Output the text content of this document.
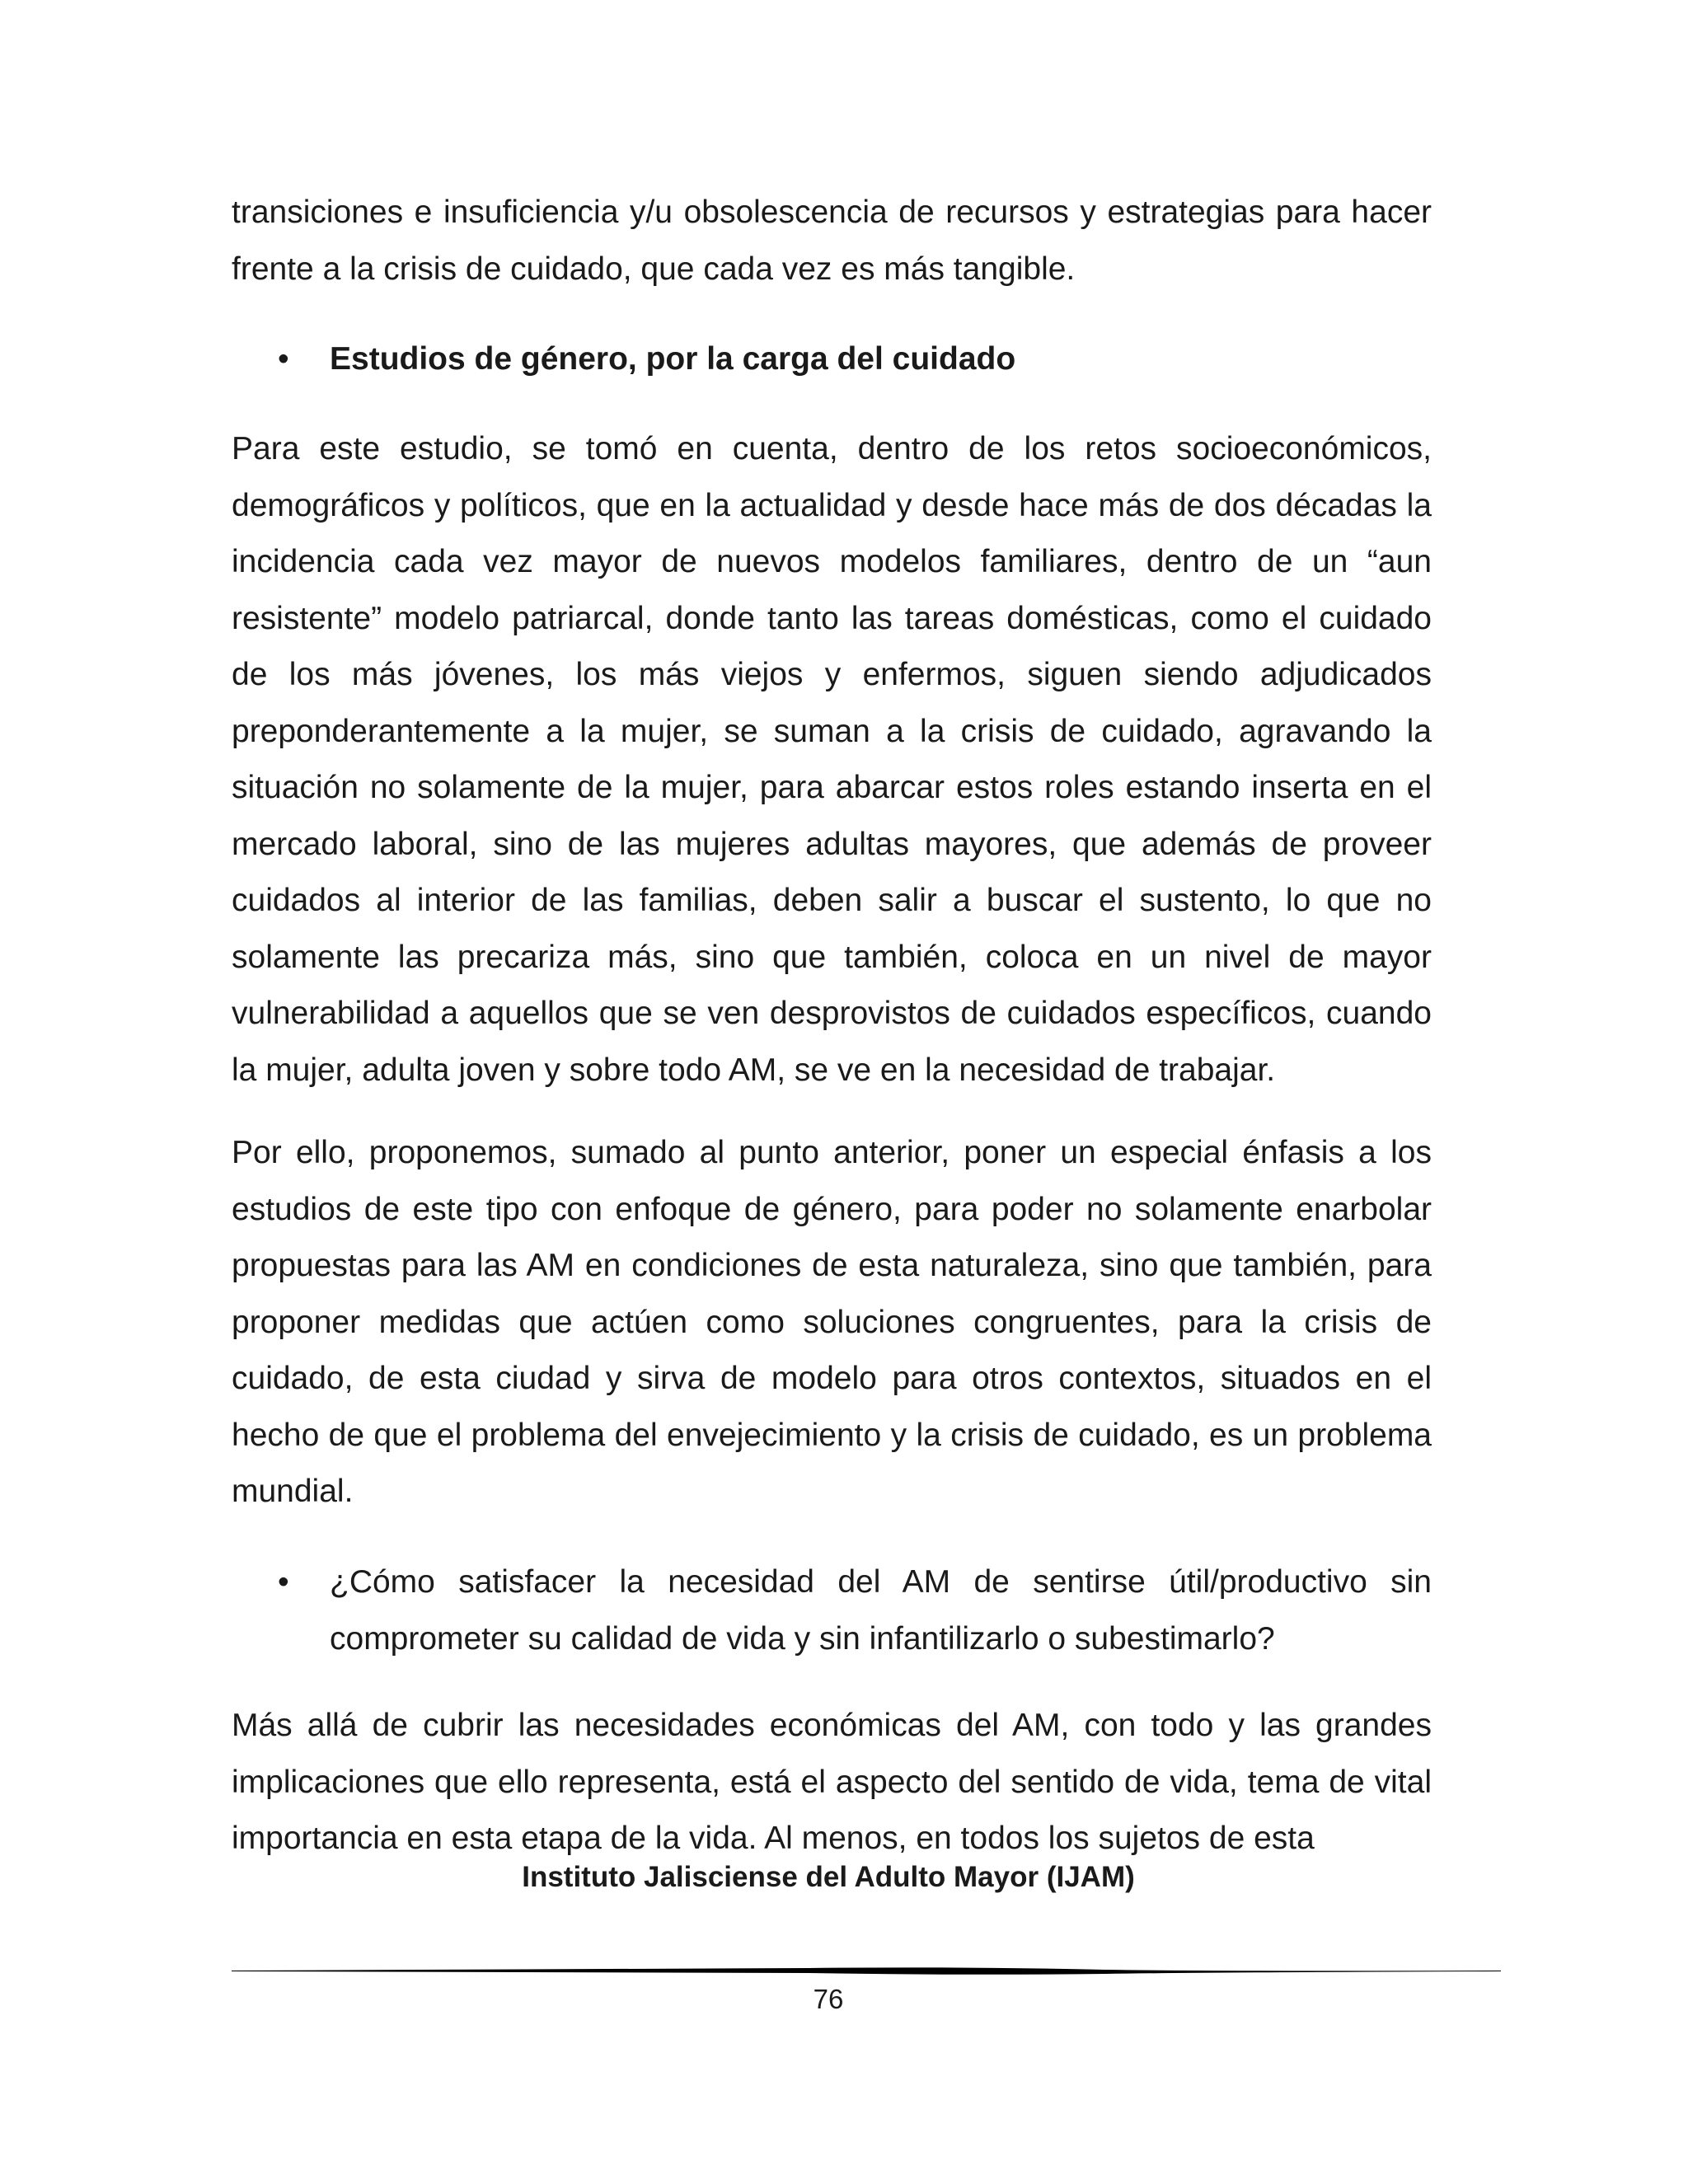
transiciones e insuficiencia y/u obsolescencia de recursos y estrategias para hacer frente a la crisis de cuidado, que cada vez es más tangible.

• Estudios de género, por la carga del cuidado

Para este estudio, se tomó en cuenta, dentro de los retos socioeconómicos, demográficos y políticos, que en la actualidad y desde hace más de dos décadas la incidencia cada vez mayor de nuevos modelos familiares, dentro de un “aun resistente” modelo patriarcal, donde tanto las tareas domésticas, como el cuidado de los más jóvenes, los más viejos y enfermos, siguen siendo adjudicados preponderantemente a la mujer, se suman a la crisis de cuidado, agravando la situación no solamente de la mujer, para abarcar estos roles estando inserta en el mercado laboral, sino de las mujeres adultas mayores, que además de proveer cuidados al interior de las familias, deben salir a buscar el sustento, lo que no solamente las precariza más, sino que también, coloca en un nivel de mayor vulnerabilidad a aquellos que se ven desprovistos de cuidados específicos, cuando la mujer, adulta joven y sobre todo AM, se ve en la necesidad de trabajar.

Por ello, proponemos, sumado al punto anterior, poner un especial énfasis a los estudios de este tipo con enfoque de género, para poder no solamente enarbolar propuestas para las AM en condiciones de esta naturaleza, sino que también, para proponer medidas que actúen como soluciones congruentes, para la crisis de cuidado, de esta ciudad y sirva de modelo para otros contextos, situados en el hecho de que el problema del envejecimiento y la crisis de cuidado, es un problema mundial.

• ¿Cómo satisfacer la necesidad del AM de sentirse útil/productivo sin comprometer su calidad de vida y sin infantilizarlo o subestimarlo?

Más allá de cubrir las necesidades económicas del AM, con todo y las grandes implicaciones que ello representa, está el aspecto del sentido de vida, tema de vital importancia en esta etapa de la vida. Al menos, en todos los sujetos de esta

Instituto Jalisciense del Adulto Mayor (IJAM)
76
